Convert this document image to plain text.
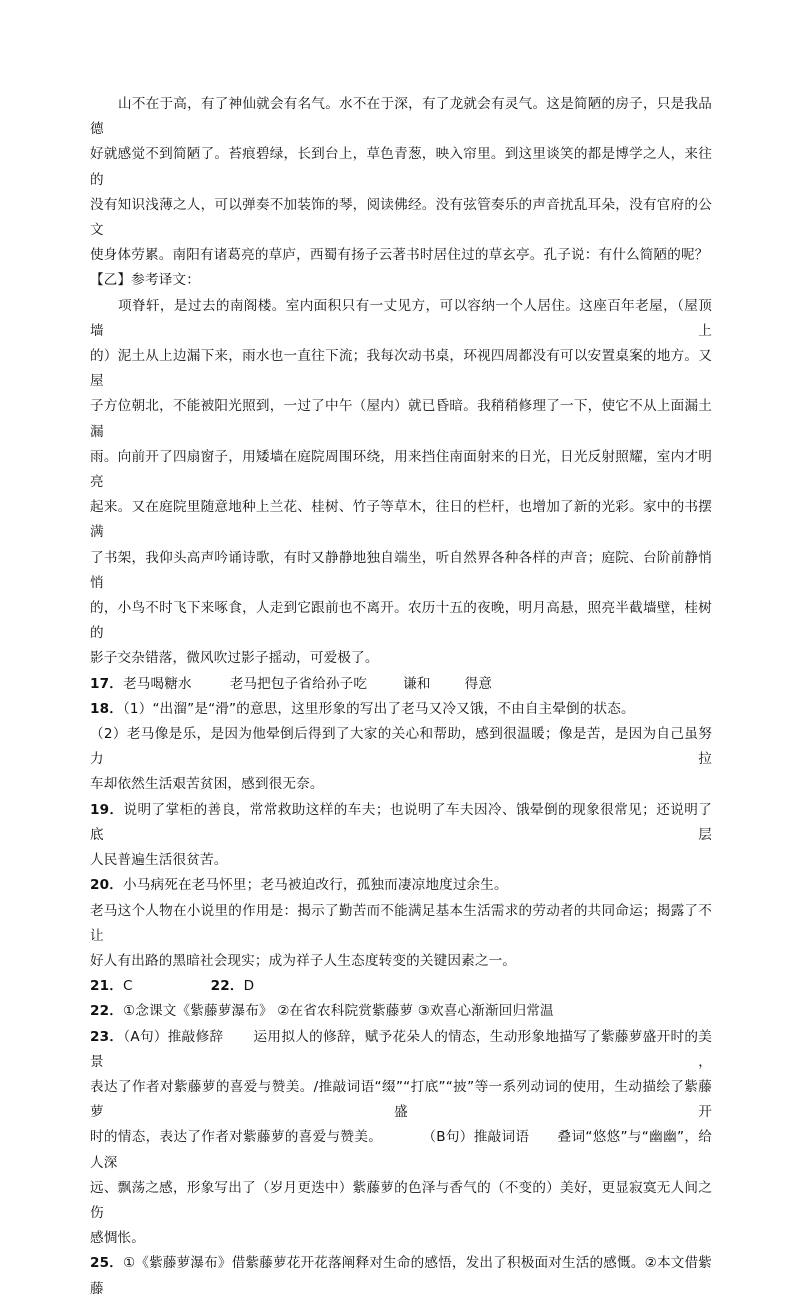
山不在于高，有了神仙就会有名气。水不在于深，有了龙就会有灵气。这是简陋的房子，只是我品德

好就感觉不到简陋了。苔痕碧绿，长到台上，草色青葱，映入帘里。到这里谈笑的都是博学之人，来往的

没有知识浅薄之人，可以弹奏不加装饰的琴，阅读佛经。没有弦管奏乐的声音扰乱耳朵，没有官府的公文

使身体劳累。南阳有诸葛亮的草庐，西蜀有扬子云著书时居住过的草玄亭。孔子说：有什么简陋的呢？

【乙】参考译文：

项脊轩，是过去的南阁楼。室内面积只有一丈见方，可以容纳一个人居住。这座百年老屋，（屋顶墙上

的）泥土从上边漏下来，雨水也一直往下流；我每次动书桌，环视四周都没有可以安置桌案的地方。又屋

子方位朝北，不能被阳光照到，一过了中午（屋内）就已昏暗。我稍稍修理了一下，使它不从上面漏土漏

雨。向前开了四扇窗子，用矮墙在庭院周围环绕，用来挡住南面射来的日光，日光反射照耀，室内才明亮

起来。又在庭院里随意地种上兰花、桂树、竹子等草木，往日的栏杆，也增加了新的光彩。家中的书摆满

了书架，我仰头高声吟诵诗歌，有时又静静地独自端坐，听自然界各种各样的声音；庭院、台阶前静悄悄

的，小鸟不时飞下来啄食，人走到它跟前也不离开。农历十五的夜晚，明月高悬，照亮半截墙壁，桂树的

影子交杂错落，微风吹过影子摇动，可爱极了。

17．老马喝糖水	老马把包子省给孙子吃	谦和	得意

18．（1）“出溜”是“滑”的意思，这里形象的写出了老马又冷又饿，不由自主晕倒的状态。

（2）老马像是乐，是因为他晕倒后得到了大家的关心和帮助，感到很温暖；像是苦，是因为自己虽努力拉

车却依然生活艰苦贫困，感到很无奈。

19．说明了掌柜的善良，常常救助这样的车夫；也说明了车夫因冷、饿晕倒的现象很常见；还说明了底层

人民普遍生活很贫苦。

20．小马病死在老马怀里；老马被迫改行，孤独而凄凉地度过余生。

老马这个人物在小说里的作用是：揭示了勤苦而不能满足基本生活需求的劳动者的共同命运；揭露了不让

好人有出路的黑暗社会现实；成为祥子人生态度转变的关键因素之一。

21．C	22．D

22．①念课文《紫藤萝瀑布》 ②在省农科院赏紫藤萝 ③欢喜心渐渐回归常温

23．（A句）推敲修辞 运用拟人的修辞，赋予花朵人的情态，生动形象地描写了紫藤萝盛开时的美景，

表达了作者对紫藤萝的喜爱与赞美。/推敲词语“缀”“打底”“披”等一系列动词的使用，生动描绘了紫藤萝盛开

时的情态，表达了作者对紫藤萝的喜爱与赞美。	（B句）推敲词语 叠词“悠悠”与“幽幽”，给人深

远、飘荡之感，形象写出了（岁月更迭中）紫藤萝的色泽与香气的（不变的）美好，更显寂寞无人间之伤

感惆怅。

25．①《紫藤萝瀑布》借紫藤萝花开花落阐释对生命的感悟，发出了积极面对生活的感慨。②本文借紫藤
